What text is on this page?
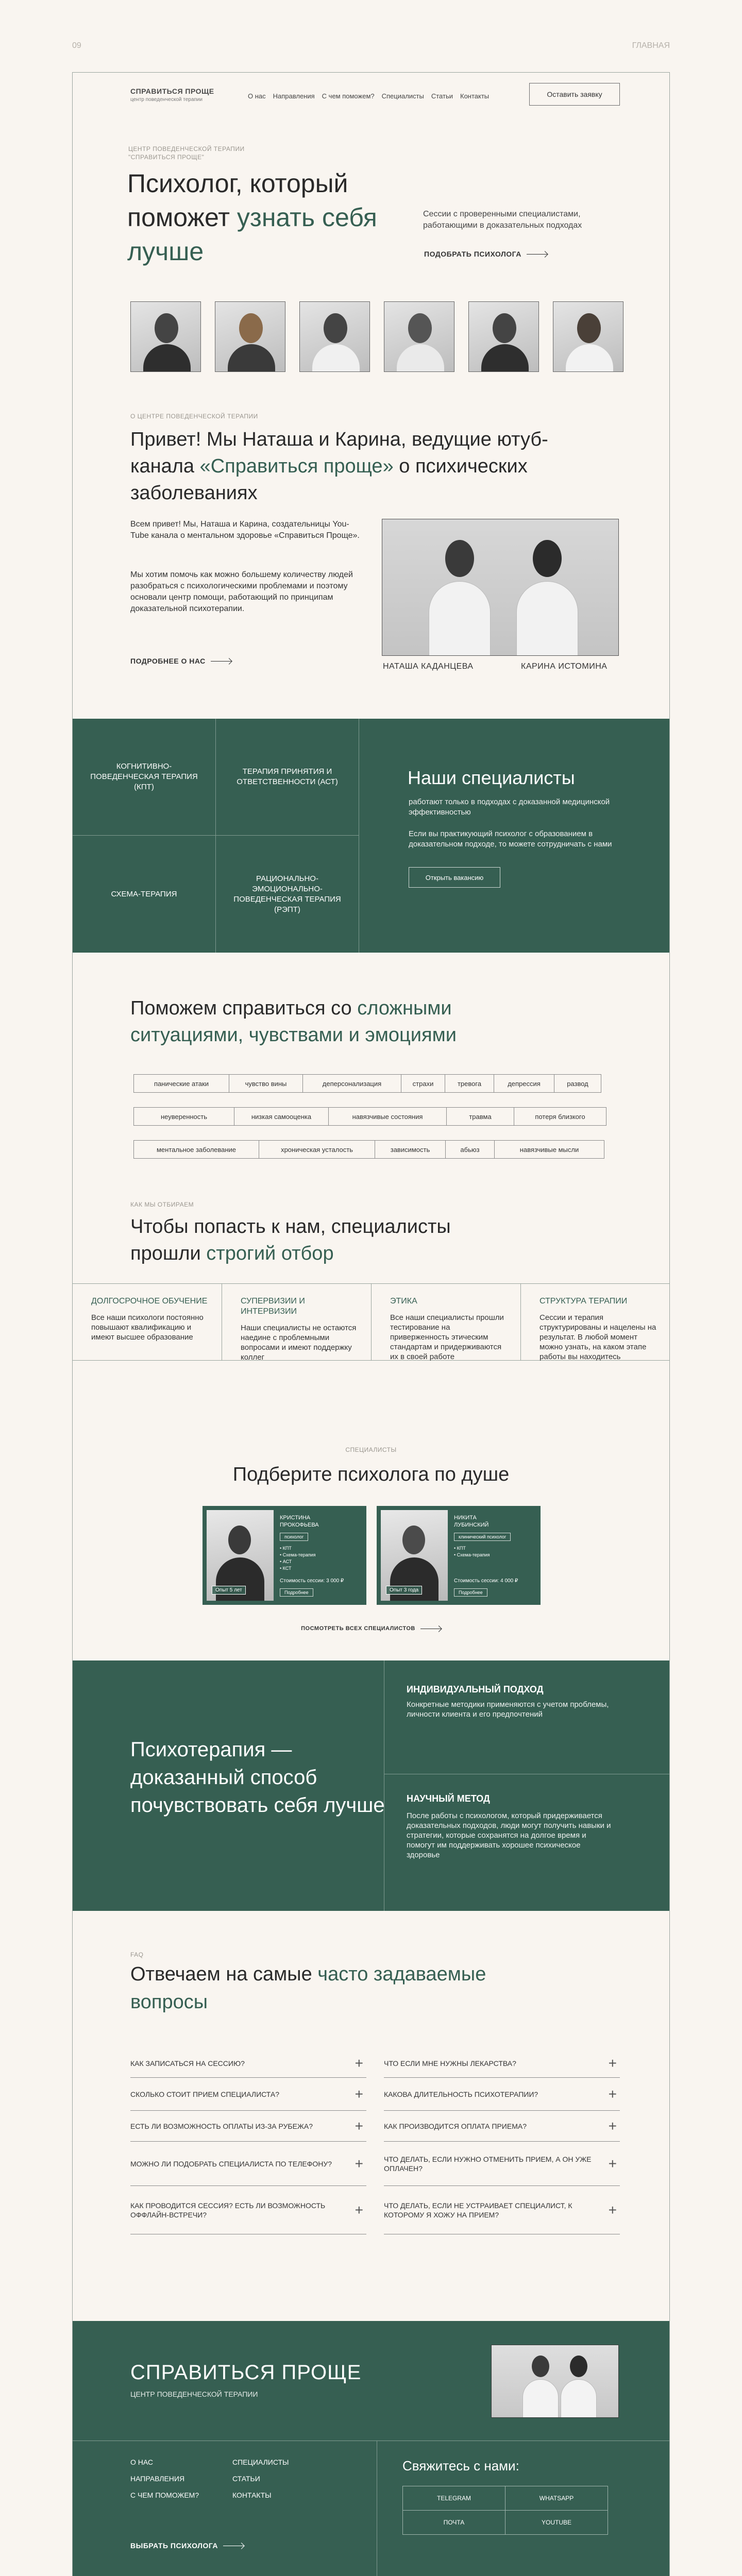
09	ГЛАВНАЯ
СПРАВИТЬСЯ ПРОЩЕ
центр поведенческой терапии	О нас Направления С чем поможем? Специалисты Статьи Контакты	Оставить заявку
ЦЕНТР ПОВЕДЕНЧЕСКОЙ ТЕРАПИИ "СПРАВИТЬСЯ ПРОЩЕ"
Психолог, который
поможет узнать себя лучше

Сессии с проверенными специалистами, работающими в доказательных подходах

ПОДОБРАТЬ ПСИХОЛОГА
О ЦЕНТРЕ ПОВЕДЕНЧЕСКОЙ ТЕРАПИИ
Привет! Мы Наташа и Карина, ведущие ютуб-канала «Справиться проще» о психических заболеваниях

Всем привет! Мы, Наташа и Карина, создательницы You-Tube канала о ментальном здоровье «Справиться Проще».

Мы хотим помочь как можно большему количеству людей разобраться с психологическими проблемами и поэтому основали центр помощи, работающий по принципам доказательной психотерапии.

ПОДРОБНЕЕ О НАС
НАТАША КАДАНЦЕВА	КАРИНА ИСТОМИНА
КОГНИТИВНО-ПОВЕДЕНЧЕСКАЯ ТЕРАПИЯ (КПТ)
ТЕРАПИЯ ПРИНЯТИЯ И ОТВЕТСТВЕННОСТИ (АСТ)
СХЕМА-ТЕРАПИЯ
РАЦИОНАЛЬНО-ЭМОЦИОНАЛЬНО-ПОВЕДЕНЧЕСКАЯ ТЕРАПИЯ (РЭПТ)
Наши специалисты

работают только в подходах с доказанной медицинской эффективностью

Если вы практикующий психолог с образованием в доказательном подходе, то можете сотрудничать с нами

Открыть вакансию
Поможем справиться со сложными ситуациями, чувствами и эмоциями
панические атаки	чувство вины	деперсонализация	страхи	тревога	депрессия	развод
неуверенность	низкая самооценка	навязчивые состояния	травма	потеря близкого
ментальное заболевание	хроническая усталость	зависимость	абьюз	навязчивые мысли
КАК МЫ ОТБИРАЕМ
Чтобы попасть к нам, специалисты прошли строгий отбор
ДОЛГОСРОЧНОЕ ОБУЧЕНИЕ

Все наши психологи постоянно повышают квалификацию и имеют высшее образование

СУПЕРВИЗИИ И ИНТЕРВИЗИИ

Наши специалисты не остаются наедине с проблемными вопросами и имеют поддержку коллег

ЭТИКА

Все наши специалисты прошли тестирование на приверженность этическим стандартам и придерживаются их в своей работе

СТРУКТУРА ТЕРАПИИ

Сессии и терапия структурированы и нацелены на результат. В любой момент можно узнать, на каком этапе работы вы находитесь

СПЕЦИАЛИСТЫ
Подберите психолога по душе
Опыт 5 лет
КРИСТИНА
ПРОКОФЬЕВА
психолог
• КПТ
• Схема-терапия
• АСТ
• КСТ
Стоимость сессии: 3 000 ₽
Подробнее	Опыт 3 года
НИКИТА
ЛУБИНСКИЙ
клинический психолог
• КПТ
• Схема-терапия
Стоимость сессии: 4 000 ₽
Подробнее
ПОСМОТРЕТЬ ВСЕХ СПЕЦИАЛИСТОВ
Психотерапия — доказанный способ почувствовать себя лучше
ИНДИВИДУАЛЬНЫЙ ПОДХОД

Конкретные методики применяются с учетом проблемы, личности клиента и его предпочтений

НАУЧНЫЙ МЕТОД

После работы с психологом, который придерживается доказательных подходов, люди могут получить навыки и стратегии, которые сохранятся на долгое время и помогут им поддерживать хорошее психическое здоровье

FAQ
Отвечаем на самые часто задаваемые
вопросы
КАК ЗАПИСАТЬСЯ НА СЕССИЮ?	+
СКОЛЬКО СТОИТ ПРИЕМ СПЕЦИАЛИСТА?	+
ЕСТЬ ЛИ ВОЗМОЖНОСТЬ ОПЛАТЫ ИЗ-ЗА РУБЕЖА?	+
МОЖНО ЛИ ПОДОБРАТЬ СПЕЦИАЛИСТА ПО ТЕЛЕФОНУ? +
КАК ПРОВОДИТСЯ СЕССИЯ? ЕСТЬ ЛИ ВОЗМОЖНОСТЬ ОФФЛАЙН-ВСТРЕЧИ?	+
ЧТО ЕСЛИ МНЕ НУЖНЫ ЛЕКАРСТВА?	+
КАКОВА ДЛИТЕЛЬНОСТЬ ПСИХОТЕРАПИИ?	+
КАК ПРОИЗВОДИТСЯ ОПЛАТА ПРИЕМА?	+
ЧТО ДЕЛАТЬ, ЕСЛИ НУЖНО ОТМЕНИТЬ ПРИЕМ, А ОН УЖЕ ОПЛАЧЕН?	+
ЧТО ДЕЛАТЬ, ЕСЛИ НЕ УСТРАИВАЕТ СПЕЦИАЛИСТ, К КОТОРОМУ Я ХОЖУ НА ПРИЕМ?	+
СПРАВИТЬСЯ ПРОЩЕ
ЦЕНТР ПОВЕДЕНЧЕСКОЙ ТЕРАПИИ
О НАС
НАПРАВЛЕНИЯ
С ЧЕМ ПОМОЖЕМ?
СПЕЦИАЛИСТЫ
СТАТЬИ
КОНТАКТЫ
ВЫБРАТЬ ПСИХОЛОГА
Свяжитесь с нами:
TELEGRAM	WHATSAPP
ПОЧТА	YOUTUBE
